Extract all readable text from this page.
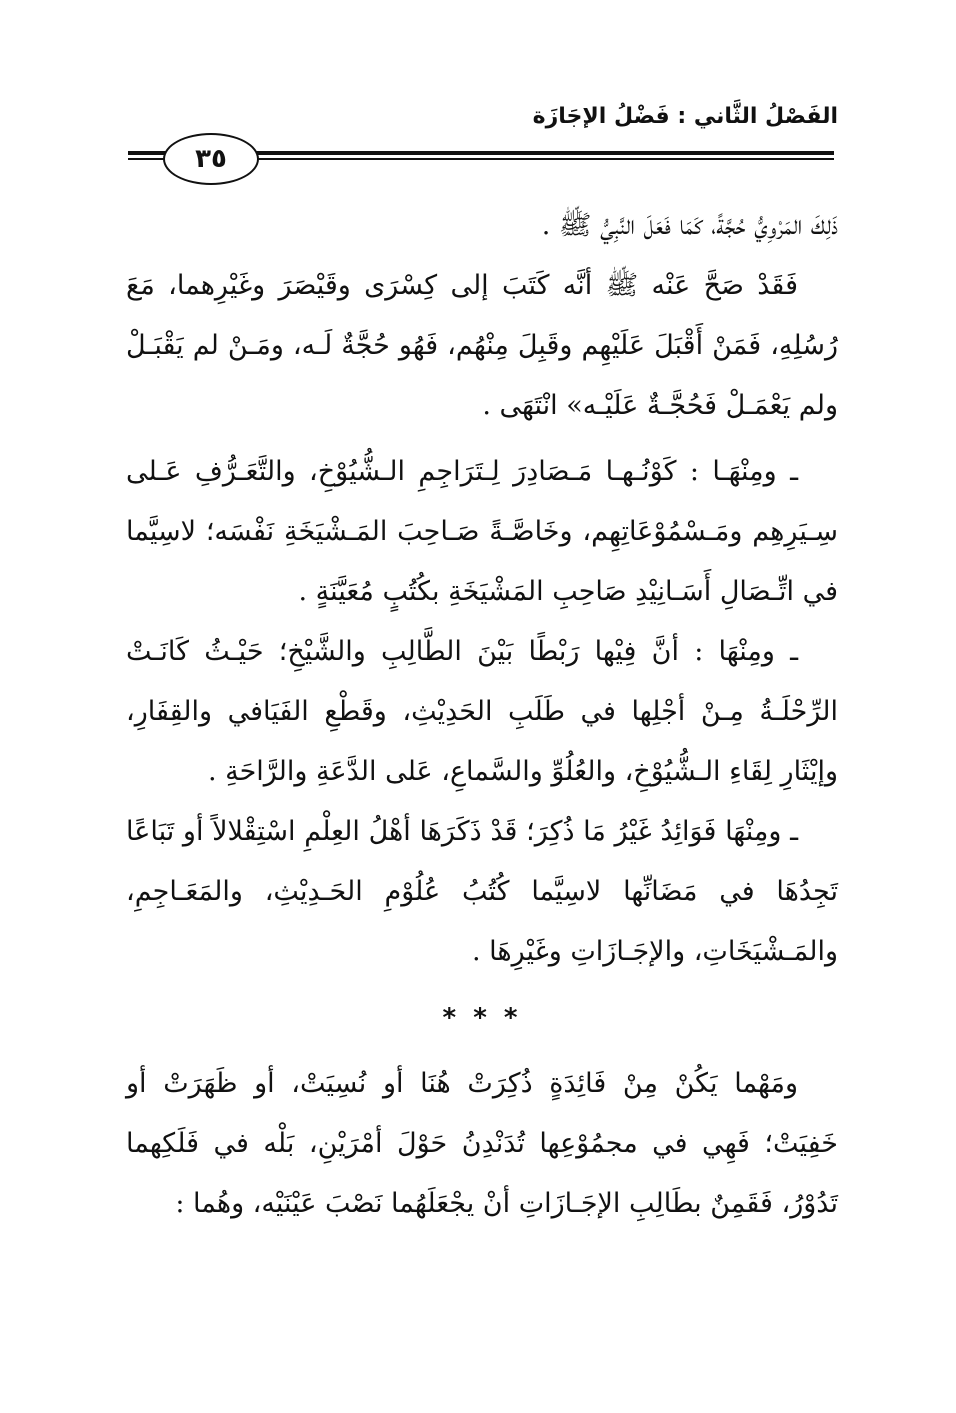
الفَصْلُ الثَّاني : فَضْلُ الإجَازَة
٣٥

ذَلِكَ المَرْوِيُّ حُجَّةً، كَمَا فَعَلَ النَّبِيُّ ﷺ .

فَقَدْ صَحَّ عَنْه ﷺ أنَّه كَتَبَ إلى كِسْرَى وقَيْصَرَ وغَيْرِهما، مَعَ رُسُلِهِ، فَمَنْ أَقْبَلَ عَلَيْهِم وقَبِلَ مِنْهُم، فَهُو حُجَّةٌ لَـه، ومَـنْ لم يَقْبَـلْ ولم يَعْمَـلْ فَحُجَّـةٌ عَلَيْـه» انْتَهَى .

ـ ومِنْهَـا : كَوْنُـهـا مَـصَادِرَ لِـتَرَاجِمِ الـشُّيُوْخِ، والتَّعَـرُّفِ عَـلى سِـيَرِهِم ومَـسْمُوْعَاتِهِم، وخَاصَّـةً صَـاحِبَ المَـشْيَخَةِ نَفْسَه؛ لاسِيَّما في اتِّـصَالِ أَسَـانِيْدِ صَاحِبِ المَشْيَخَةِ بكُتُبٍ مُعَيَّنَةٍ .

ـ ومِنْهَا : أنَّ فِيْها رَبْطًا بَيْنَ الطَّالِبِ والشَّيْخِ؛ حَيْـثُ كَانَـتْ الرِّحْلَـةُ مِـنْ أجْلِها في طَلَبِ الحَدِيْثِ، وقَطْعِ الفَيَافي والقِفَارِ، وإيْثَارِ لِقَاءِ الـشُّيُوْخِ، والعُلُوِّ والسَّماعِ، عَلى الدَّعَةِ والرَّاحَةِ .

ـ ومِنْهَا فَوَائِدُ غَيْرُ مَا ذُكِرَ؛ قَدْ ذَكَرَهَا أهْلُ العِلْمِ اسْتِقْلالاً أو تَبَاعًا تَجِدُهَا في مَضَانِّها لاسِيَّما كُتُبُ عُلُوْمِ الحَـدِيْثِ، والمَعَـاجِمِ، والمَـشْيَخَاتِ، والإجَـازَاتِ وغَيْرِهَا .

* * *

ومَهْما يَكُنْ مِنْ فَائِدَةٍ ذُكِرَتْ هُنَا أو نُسِيَتْ، أو ظَهَرَتْ أو خَفِيَتْ؛ فَهِي في مجمُوْعِها تُدَنْدِنُ حَوْلَ أمْرَيْنِ، بَلْه في فَلَكِهما تَدُوْرُ، فَقَمِنٌ بطَالِبِ الإجَـازَاتِ أنْ يجْعَلَهُما نَصْبَ عَيْنَيْه، وهُما :
